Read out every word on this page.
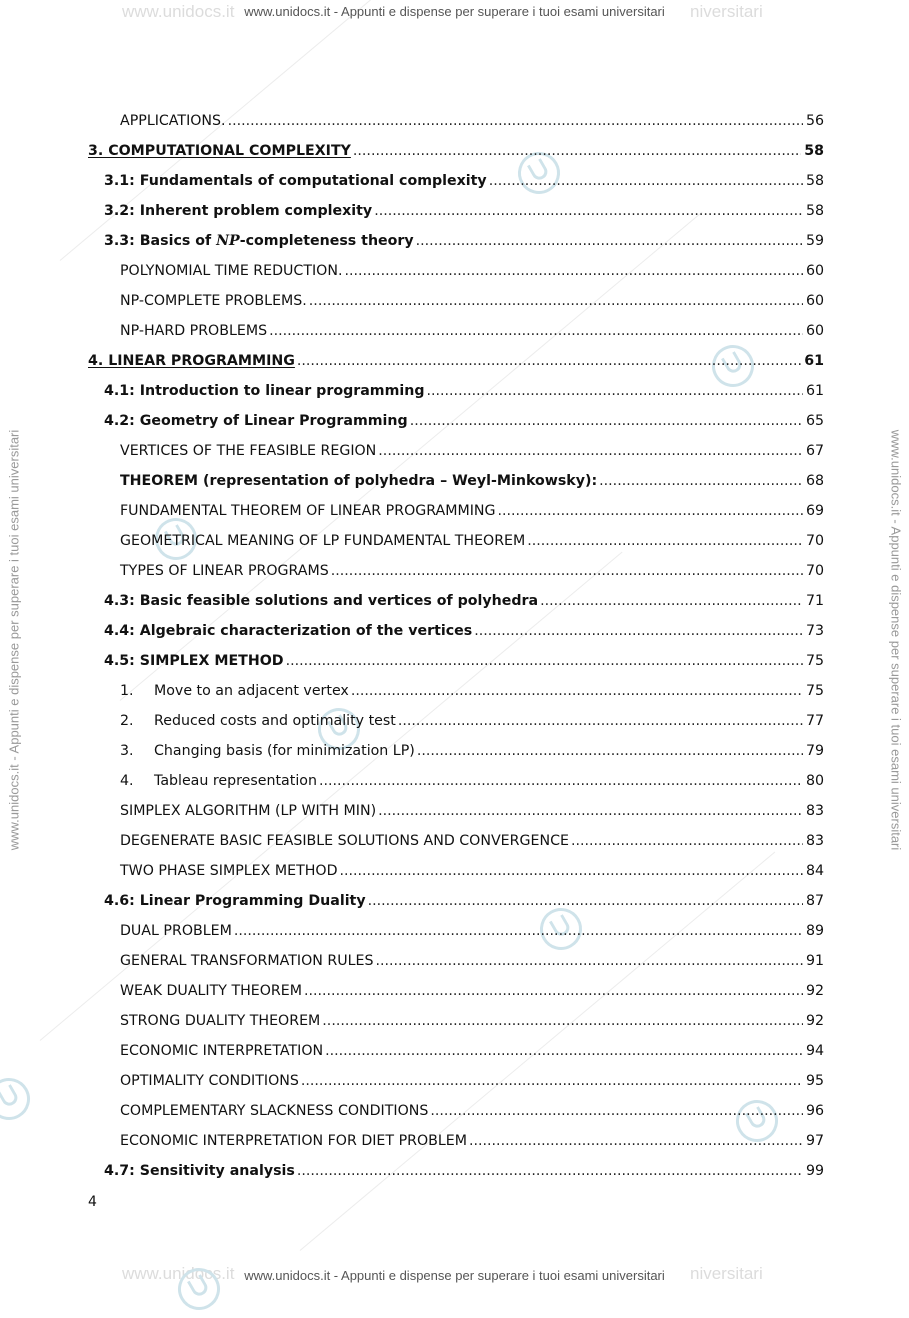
www.unidocs.it	niversitari
www.unidocs.it	niversitari
www.unidocs.it - Appunti e dispense per superare i tuoi esami universitari
www.unidocs.it - Appunti e dispense per superare i tuoi esami universitari
www.unidocs.it - Appunti e dispense per superare i tuoi esami universitari	www.unidocs.it - Appunti e dispense per superare i tuoi esami universitari
APPLICATIONS. .....	56
3. COMPUTATIONAL COMPLEXITY .....	58
3.1: Fundamentals of computational complexity .....	58
3.2: Inherent problem complexity .....	58
3.3: Basics of NP-completeness theory .....	59
POLYNOMIAL TIME REDUCTION. .....	60
NP-COMPLETE PROBLEMS. .....	60
NP-HARD PROBLEMS .....	60
4. LINEAR PROGRAMMING .....	61
4.1: Introduction to linear programming .....	61
4.2: Geometry of Linear Programming .....	65
VERTICES OF THE FEASIBLE REGION .....	67
THEOREM (representation of polyhedra – Weyl-Minkowsky): .....	68
FUNDAMENTAL THEOREM OF LINEAR PROGRAMMING .....	69
GEOMETRICAL MEANING OF LP FUNDAMENTAL THEOREM .....	70
TYPES OF LINEAR PROGRAMS .....	70
4.3: Basic feasible solutions and vertices of polyhedra .....	71
4.4: Algebraic characterization of the vertices .....	73
4.5: SIMPLEX METHOD .....	75
1.	Move to an adjacent vertex .....	75
2.	Reduced costs and optimality test .....	77
3.	Changing basis (for minimization LP) .....	79
4.	Tableau representation .....	80
SIMPLEX ALGORITHM (LP WITH MIN) .....	83
DEGENERATE BASIC FEASIBLE SOLUTIONS AND CONVERGENCE .....	83
TWO PHASE SIMPLEX METHOD .....	84
4.6: Linear Programming Duality .....	87
DUAL PROBLEM .....	89
GENERAL TRANSFORMATION RULES .....	91
WEAK DUALITY THEOREM .....	92
STRONG DUALITY THEOREM .....	92
ECONOMIC INTERPRETATION .....	94
OPTIMALITY CONDITIONS .....	95
COMPLEMENTARY SLACKNESS CONDITIONS .....	96
ECONOMIC INTERPRETATION FOR DIET PROBLEM .....	97
4.7: Sensitivity analysis .....	99
4
